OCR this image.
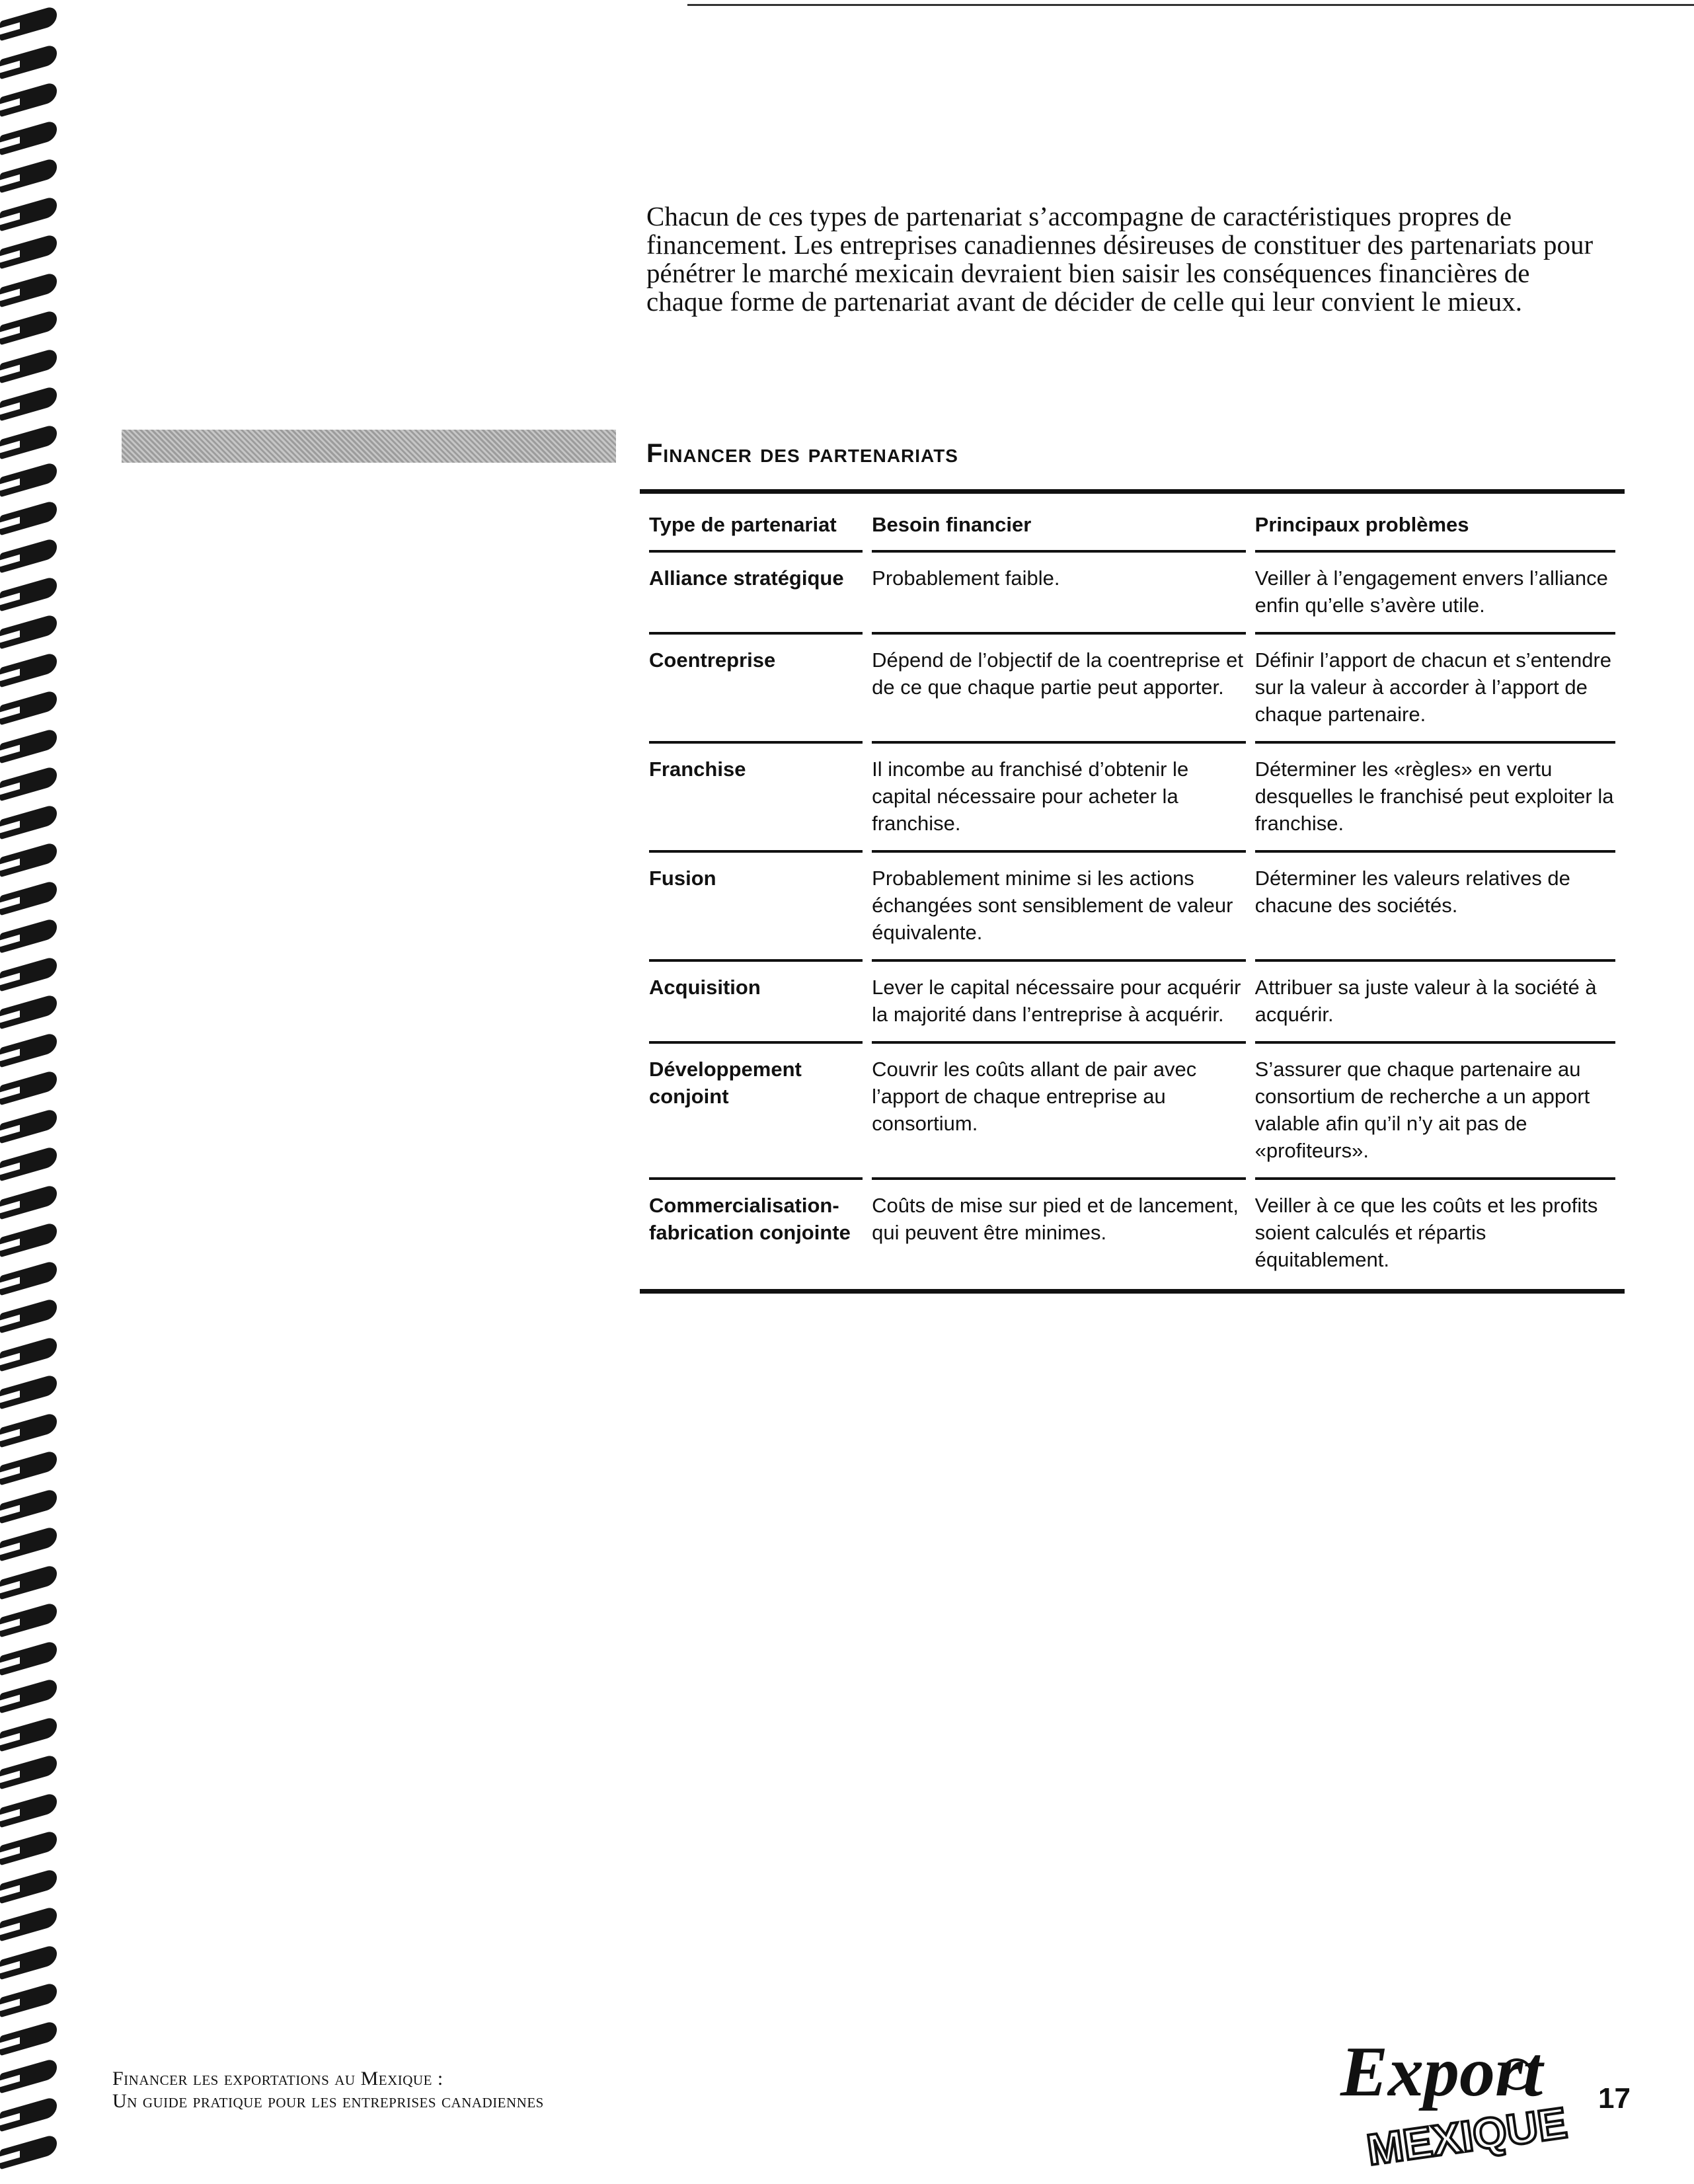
Chacun de ces types de partenariat s’accompagne de caractéristiques propres de financement. Les entreprises canadiennes désireuses de constituer des partenariats pour pénétrer le marché mexicain devraient bien saisir les conséquences financières de chaque forme de partenariat avant de décider de celle qui leur convient le mieux.

Financer des partenariats
Type de partenariat	Besoin financier	Principaux problèmes
Alliance stratégique	Probablement faible.	Veiller à l’engagement envers l’alliance enfin qu’elle s’avère utile.
Coentreprise	Dépend de l’objectif de la coentreprise et de ce que chaque partie peut apporter.	Définir l’apport de chacun et s’entendre sur la valeur à accorder à l’apport de chaque partenaire.
Franchise	Il incombe au franchisé d’obtenir le capital nécessaire pour acheter la franchise.	Déterminer les «règles» en vertu desquelles le franchisé peut exploiter la franchise.
Fusion	Probablement minime si les actions échangées sont sensiblement de valeur équivalente.	Déterminer les valeurs relatives de chacune des sociétés.
Acquisition	Lever le capital nécessaire pour acquérir la majorité dans l’entreprise à acquérir.	Attribuer sa juste valeur à la société à acquérir.
Développement conjoint	Couvrir les coûts allant de pair avec l’apport de chaque entreprise au consortium.	S’assurer que chaque partenaire au consortium de recherche a un apport valable afin qu’il n’y ait pas de «profiteurs».
Commercialisation-fabrication conjointe	Coûts de mise sur pied et de lancement, qui peuvent être minimes.	Veiller à ce que les coûts et les profits soient calculés et répartis équitablement.
Financer les exportations au Mexique :
Un guide pratique pour les entreprises canadiennes	Export
MEXIQUE 17
